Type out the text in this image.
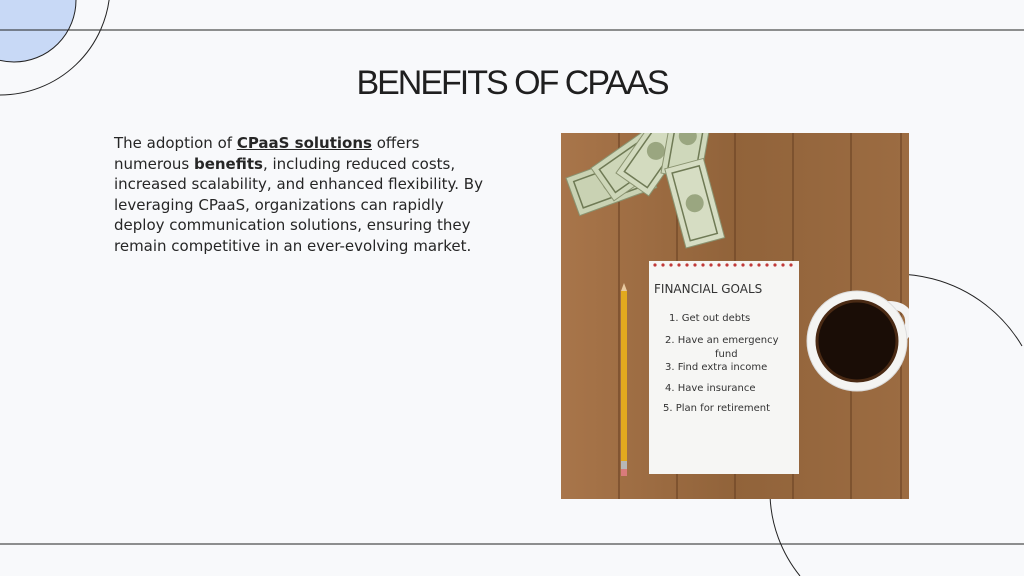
BENEFITS OF CPAAS
The adoption of CPaaS solutions offers numerous benefits, including reduced costs, increased scalability, and enhanced flexibility. By leveraging CPaaS, organizations can rapidly deploy communication solutions, ensuring they remain competitive in an ever-evolving market.
FINANCIAL GOALS
1. Get out debts
2. Have an emergency
fund
3. Find extra income
4. Have insurance
5. Plan for retirement
